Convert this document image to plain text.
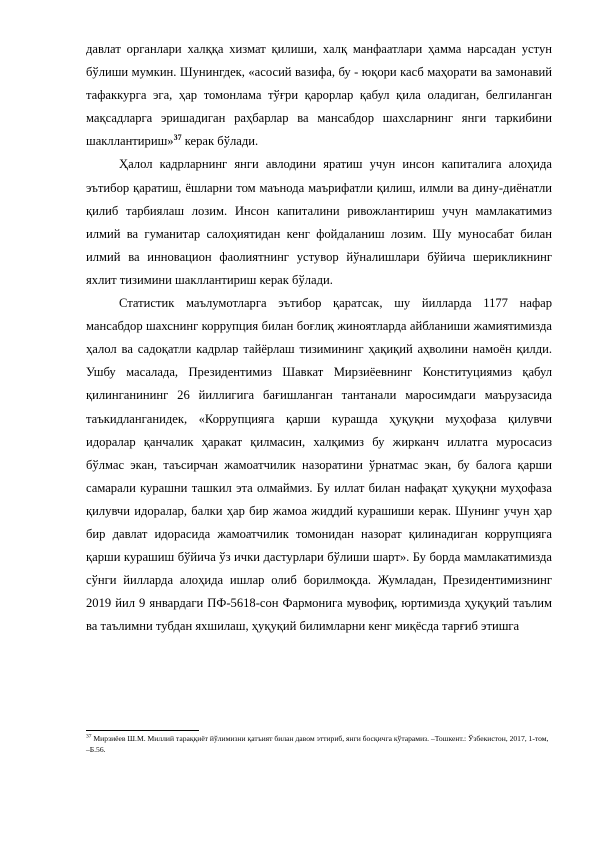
давлат органлари халққа хизмат қилиши, халқ манфаатлари ҳамма нарсадан устун бўлиши мумкин. Шунингдек, «асосий вазифа, бу - юқори касб маҳорати ва замонавий тафаккурга эга, ҳар томонлама тўғри қарорлар қабул қила оладиган, белгиланган мақсадларга эришадиган раҳбарлар ва мансабдор шахсларнинг янги таркибини шакллантириш»$^{37}$ керак бўлади.

Ҳалол кадрларнинг янги авлодини яратиш учун инсон капиталига алоҳида эътибор қаратиш, ёшларни том маънода маърифатли қилиш, илмли ва дину-диёнатли қилиб тарбиялаш лозим. Инсон капиталини ривожлантириш учун мамлакатимиз илмий ва гуманитар салоҳиятидан кенг фойдаланиш лозим. Шу муносабат билан илмий ва инновацион фаолиятнинг устувор йўналишлари бўйича шерикликнинг яхлит тизимини шакллантириш керак бўлади.

Статистик маълумотларга эътибор қаратсак, шу йилларда 1177 нафар мансабдор шахснинг коррупция билан боғлиқ жиноятларда айбланиши жамиятимизда ҳалол ва садоқатли кадрлар тайёрлаш тизимининг ҳақиқий аҳволини намоён қилди. Ушбу масалада, Президентимиз Шавкат Мирзиёевнинг Конституциямиз қабул қилинганининг 26 йиллигига бағишланган тантанали маросимдаги маърузасида таъкидланганидек, «Коррупцияга қарши курашда ҳуқуқни муҳофаза қилувчи идоралар қанчалик ҳаракат қилмасин, халқимиз бу жирканч иллатга муросасиз бўлмас экан, таъсирчан жамоатчилик назоратини ўрнатмас экан, бу балога қарши самарали курашни ташкил эта олмаймиз. Бу иллат билан нафақат ҳуқуқни муҳофаза қилувчи идоралар, балки ҳар бир жамоа жиддий курашиши керак. Шунинг учун ҳар бир давлат идорасида жамоатчилик томонидан назорат қилинадиган коррупцияга қарши курашиш бўйича ўз ички дастурлари бўлиши шарт». Бу борда мамлакатимизда сўнги йилларда алоҳида ишлар олиб борилмоқда. Жумладан, Президентимизнинг 2019 йил 9 январдаги ПФ-5618-сон Фармонига мувофиқ, юртимизда ҳуқуқий таълим ва таълимни тубдан яхшилаш, ҳуқуқий билимларни кенг миқёсда тарғиб этишга

$^{37}$ Мирзиёев Ш.М. Миллий тараққиёт йўлимизни қатъият билан давом эттириб, янги босқичга кўтарамиз. –Тошкент.: Ўзбекистон, 2017, 1-том, –Б.56.
